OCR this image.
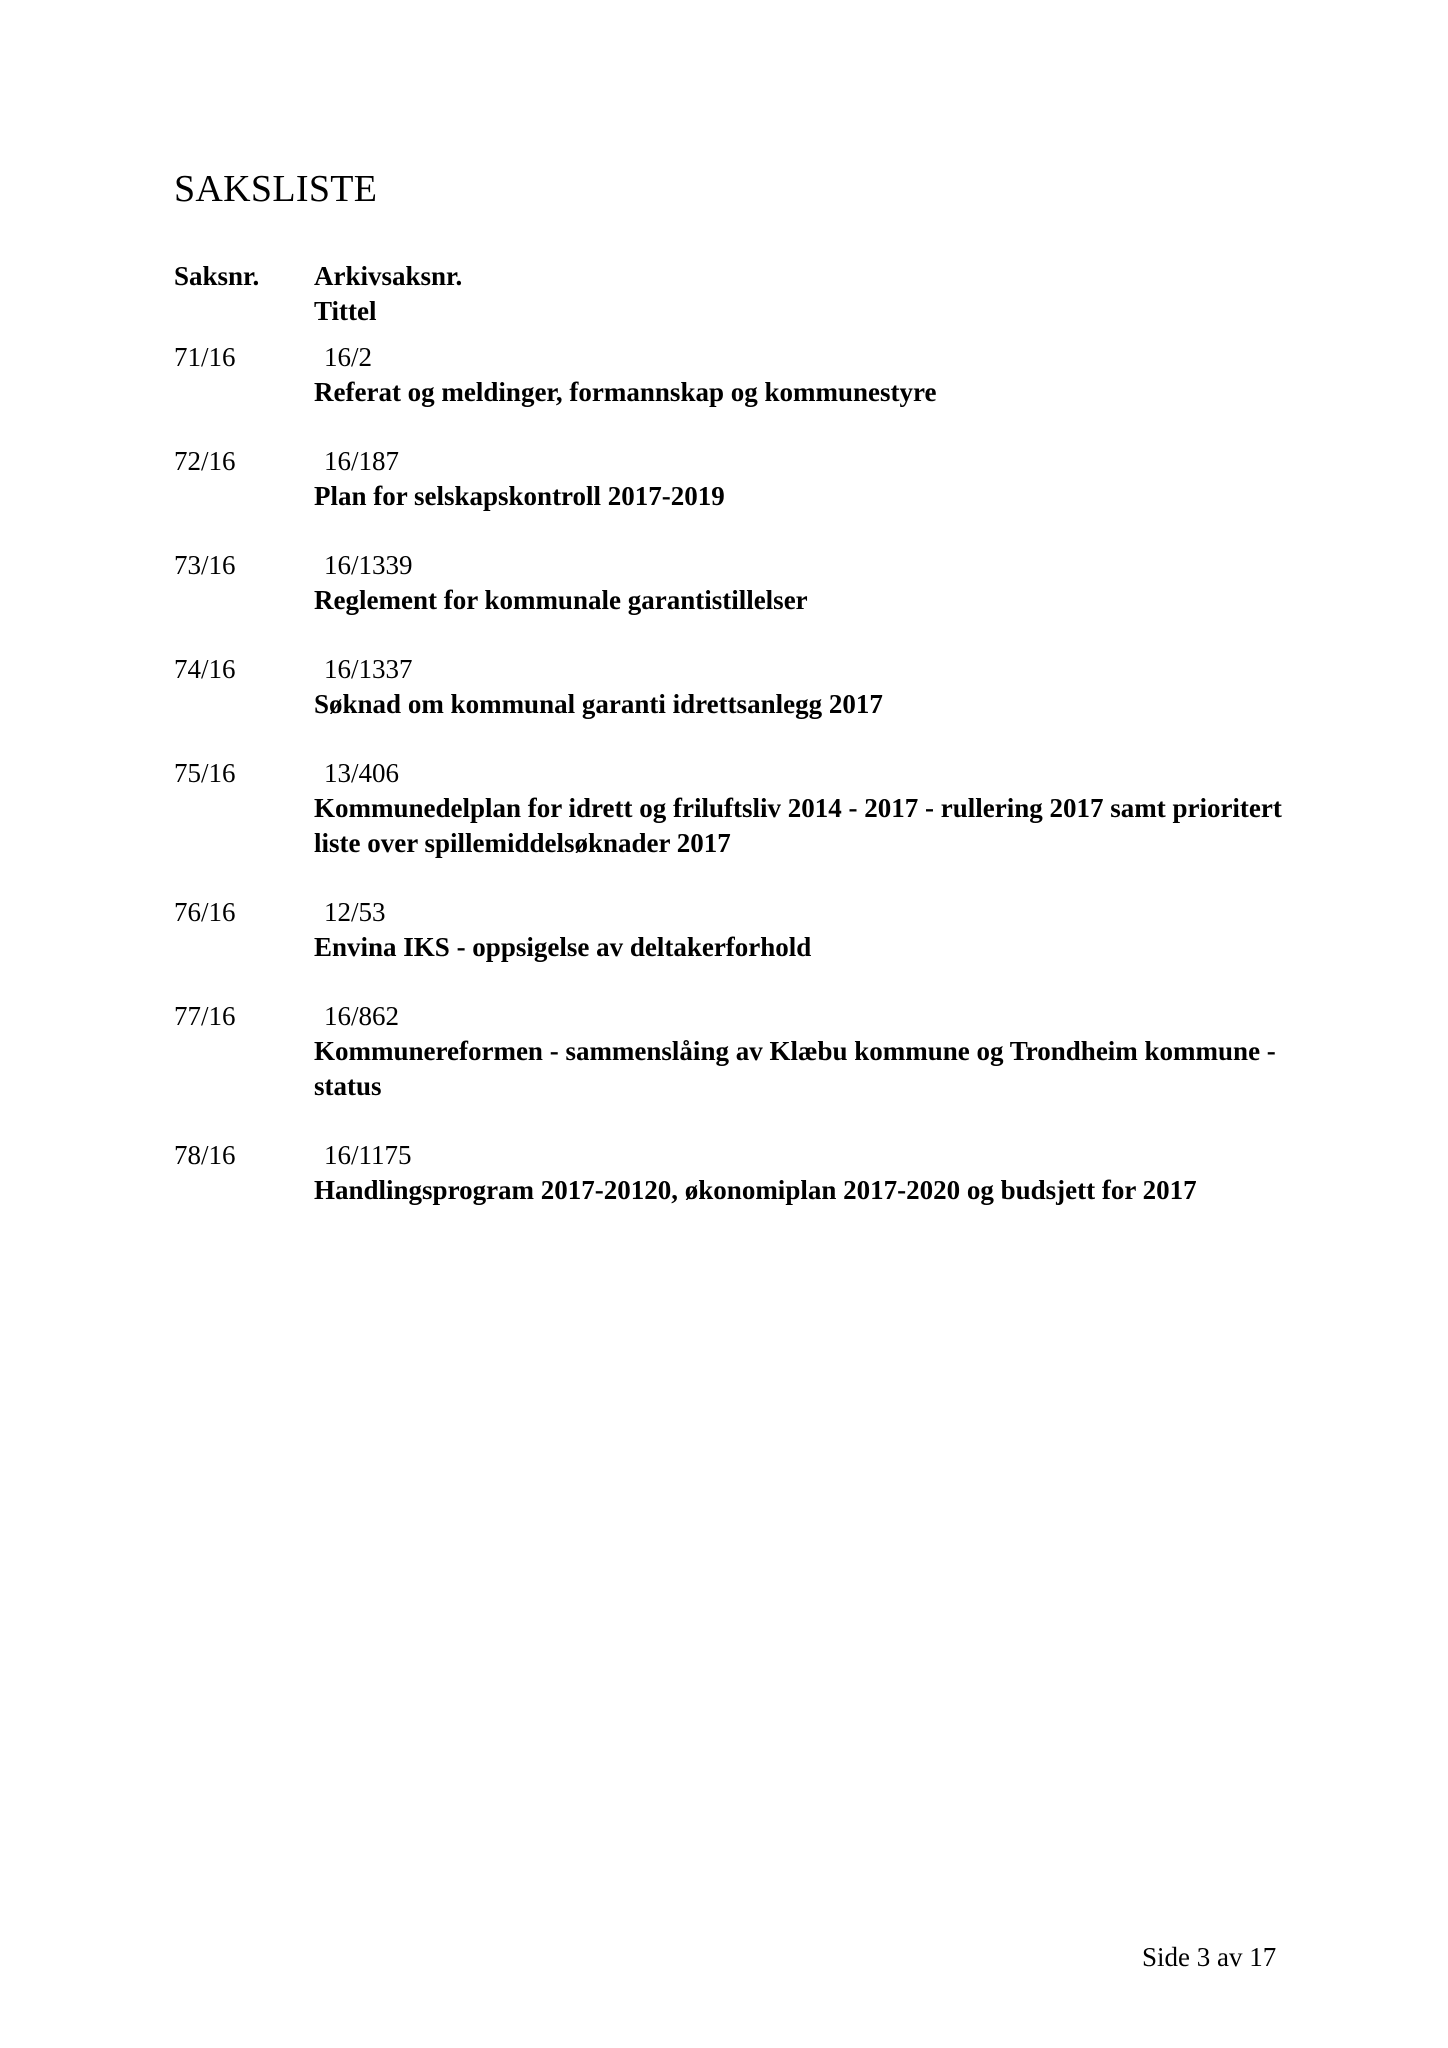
SAKSLISTE
Saksnr. Arkivsaksnr.
Tittel
71/16	16/2
Referat og meldinger, formannskap og kommunestyre
72/16	16/187
Plan for selskapskontroll 2017-2019
73/16	16/1339
Reglement for kommunale garantistillelser
74/16	16/1337
Søknad om kommunal garanti idrettsanlegg 2017
75/16	13/406
Kommunedelplan for idrett og friluftsliv 2014 - 2017 - rullering 2017 samt prioritert liste over spillemiddelsøknader 2017
76/16	12/53
Envina IKS - oppsigelse av deltakerforhold
77/16	16/862
Kommunereformen - sammenslåing av Klæbu kommune og Trondheim kommune - status
78/16	16/1175
Handlingsprogram 2017-20120, økonomiplan 2017-2020 og budsjett for 2017
Side 3 av 17
